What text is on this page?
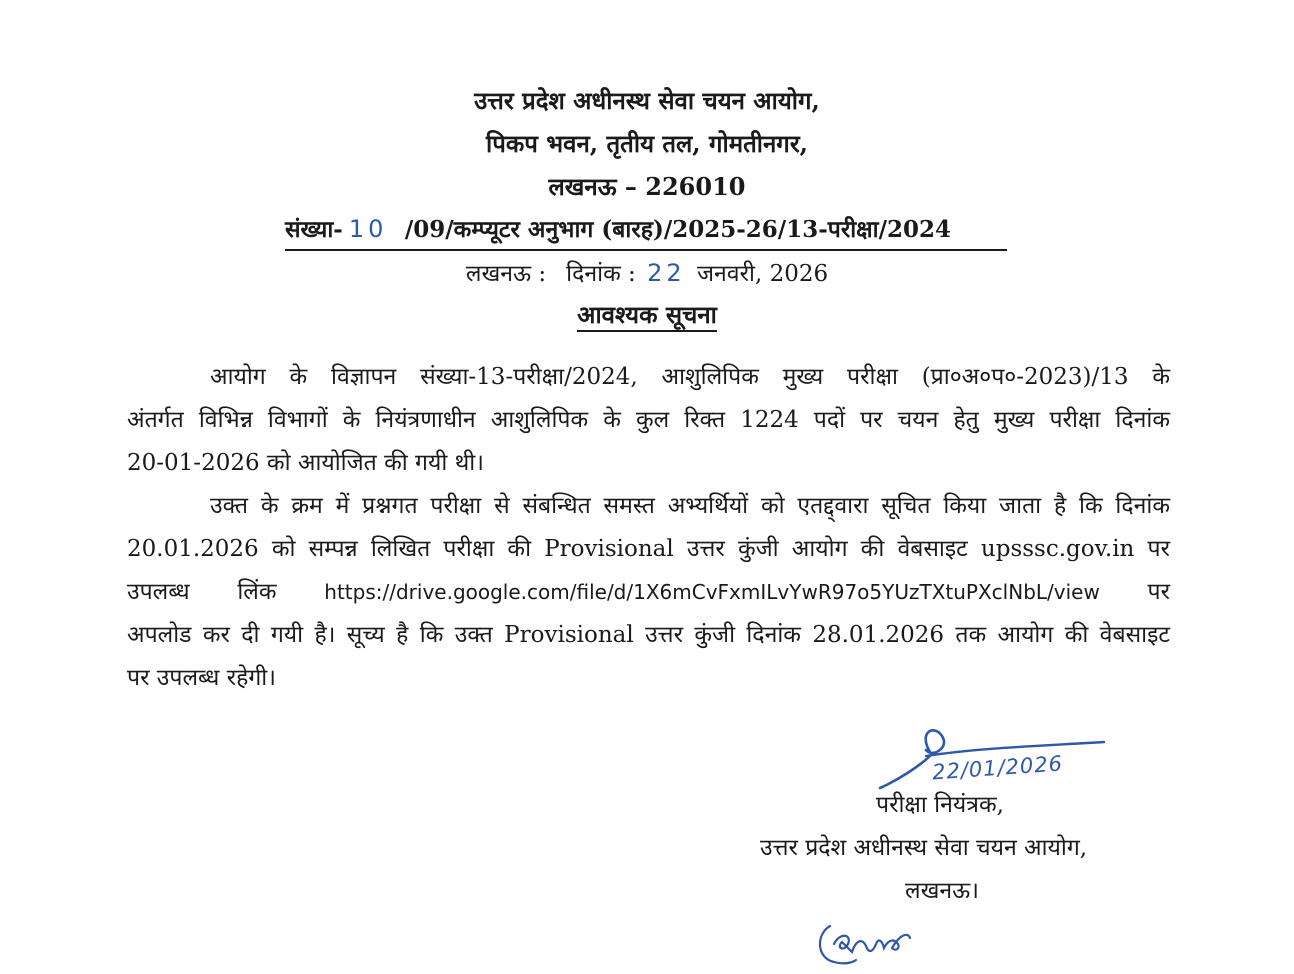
उत्तर प्रदेश अधीनस्थ सेवा चयन आयोग,
पिकप भवन, तृतीय तल, गोमतीनगर,
लखनऊ – 226010
संख्या- 10 /09/कम्प्यूटर अनुभाग (बारह)/2025-26/13-परीक्षा/2024
लखनऊ : दिनांक : 22 जनवरी, 2026
आवश्यक सूचना
आयोग के विज्ञापन संख्या-13-परीक्षा/2024, आशुलिपिक मुख्य परीक्षा (प्रा०अ०प०-2023)/13 के
अंतर्गत विभिन्न विभागों के नियंत्रणाधीन आशुलिपिक के कुल रिक्त 1224 पदों पर चयन हेतु मुख्य परीक्षा दिनांक
20-01-2026 को आयोजित की गयी थी।
उक्त के क्रम में प्रश्नगत परीक्षा से संबन्धित समस्त अभ्यर्थियों को एतद्द्वारा सूचित किया जाता है कि दिनांक
20.01.2026 को सम्पन्न लिखित परीक्षा की Provisional उत्तर कुंजी आयोग की वेबसाइट upsssc.gov.in पर
उपलब्ध लिंक https://drive.google.com/file/d/1X6mCvFxmILvYwR97o5YUzTXtuPXclNbL/view पर
अपलोड कर दी गयी है। सूच्य है कि उक्त Provisional उत्तर कुंजी दिनांक 28.01.2026 तक आयोग की वेबसाइट
पर उपलब्ध रहेगी।
22/01/2026
परीक्षा नियंत्रक,
उत्तर प्रदेश अधीनस्थ सेवा चयन आयोग,
लखनऊ।
